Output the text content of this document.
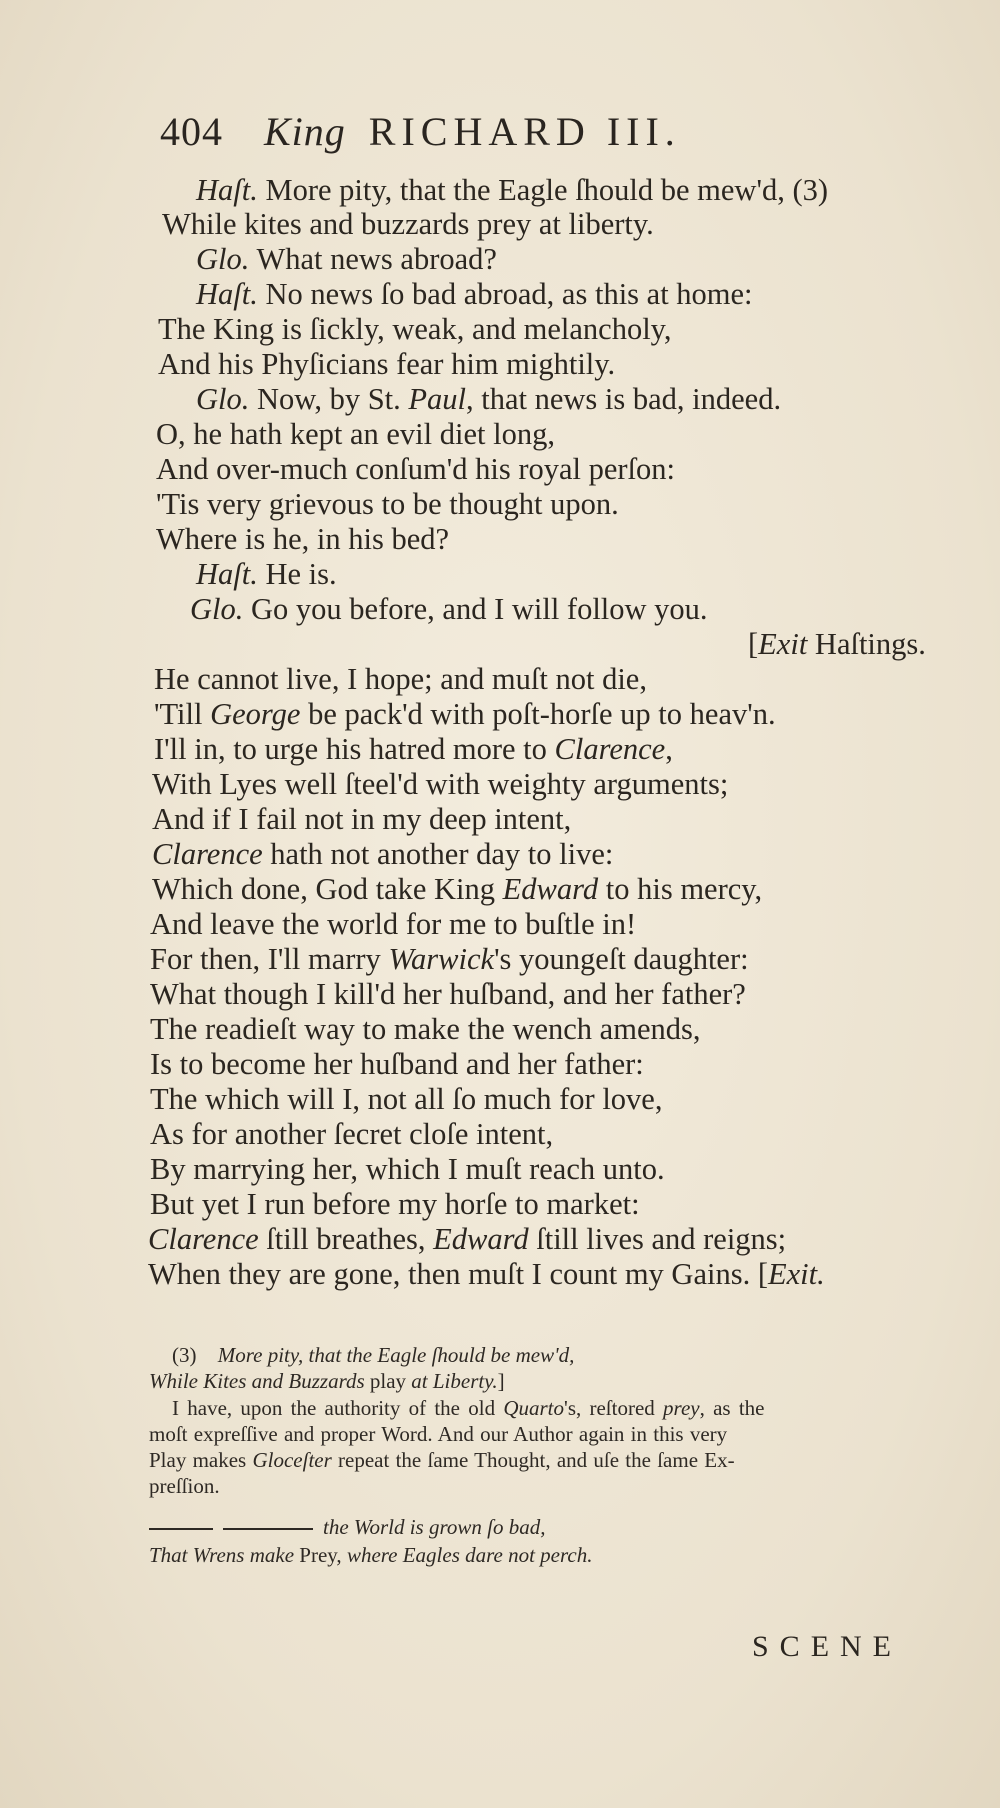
404 King RICHARD III.
Haſt. More pity, that the Eagle ſhould be mew'd, (3)
While kites and buzzards prey at liberty.
Glo. What news abroad?
Haſt. No news ſo bad abroad, as this at home:
The King is ſickly, weak, and melancholy,
And his Phyſicians fear him mightily.
Glo. Now, by St. Paul, that news is bad, indeed.
O, he hath kept an evil diet long,
And over-much conſum'd his royal perſon:
'Tis very grievous to be thought upon.
Where is he, in his bed?
Haſt. He is.
Glo. Go you before, and I will follow you.
[Exit Haſtings.
He cannot live, I hope; and muſt not die,
'Till George be pack'd with poſt-horſe up to heav'n.
I'll in, to urge his hatred more to Clarence,
With Lyes well ſteel'd with weighty arguments;
And if I fail not in my deep intent,
Clarence hath not another day to live:
Which done, God take King Edward to his mercy,
And leave the world for me to buſtle in!
For then, I'll marry Warwick's youngeſt daughter:
What though I kill'd her huſband, and her father?
The readieſt way to make the wench amends,
Is to become her huſband and her father:
The which will I, not all ſo much for love,
As for another ſecret cloſe intent,
By marrying her, which I muſt reach unto.
But yet I run before my horſe to market:
Clarence ſtill breathes, Edward ſtill lives and reigns;
When they are gone, then muſt I count my Gains. [Exit.
(3) More pity, that the Eagle ſhould be mew'd,
While Kites and Buzzards play at Liberty.]
I have, upon the authority of the old Quarto's, reſtored prey, as the
moſt expreſſive and proper Word. And our Author again in this very
Play makes Gloceſter repeat the ſame Thought, and uſe the ſame Ex-
preſſion.
the World is grown ſo bad,
That Wrens make Prey, where Eagles dare not perch.
SCENE
